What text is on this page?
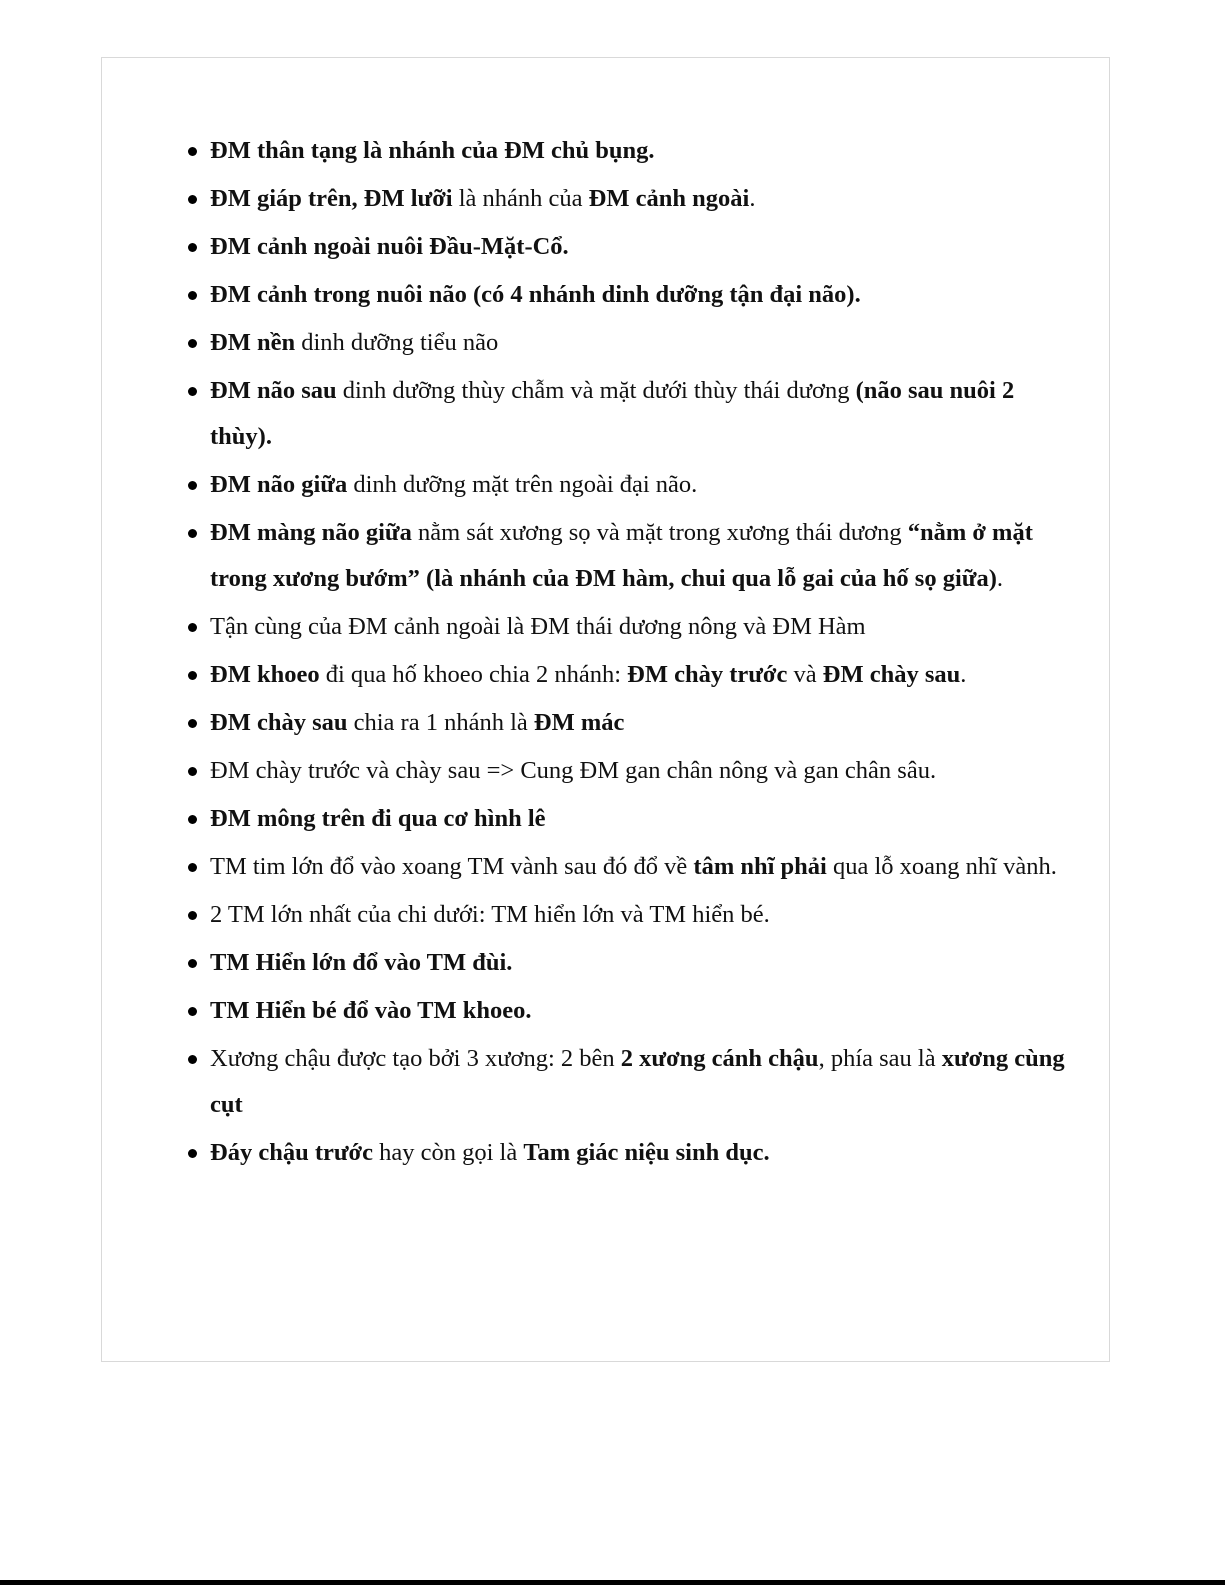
ĐM thân tạng là nhánh của ĐM chủ bụng.
ĐM giáp trên, ĐM lưỡi là nhánh của ĐM cảnh ngoài.
ĐM cảnh ngoài nuôi Đầu-Mặt-Cổ.
ĐM cảnh trong nuôi não (có 4 nhánh dinh dưỡng tận đại não).
ĐM nền dinh dưỡng tiểu não
ĐM não sau dinh dưỡng thùy chẫm và mặt dưới thùy thái dương (não sau nuôi 2 thùy).
ĐM não giữa dinh dưỡng mặt trên ngoài đại não.
ĐM màng não giữa nằm sát xương sọ và mặt trong xương thái dương “nằm ở mặt trong xương bướm” (là nhánh của ĐM hàm, chui qua lỗ gai của hố sọ giữa).
Tận cùng của ĐM cảnh ngoài là ĐM thái dương nông và ĐM Hàm
ĐM khoeo đi qua hố khoeo chia 2 nhánh: ĐM chày trước và ĐM chày sau.
ĐM chày sau chia ra 1 nhánh là ĐM mác
ĐM chày trước và chày sau => Cung ĐM gan chân nông và gan chân sâu.
ĐM mông trên đi qua cơ hình lê
TM tim lớn đổ vào xoang TM vành sau đó đổ về tâm nhĩ phải qua lỗ xoang nhĩ vành.
2 TM lớn nhất của chi dưới: TM hiển lớn và TM hiển bé.
TM Hiển lớn đổ vào TM đùi.
TM Hiển bé đổ vào TM khoeo.
Xương chậu được tạo bởi 3 xương: 2 bên 2 xương cánh chậu, phía sau là xương cùng cụt
Đáy chậu trước hay còn gọi là Tam giác niệu sinh dục.
